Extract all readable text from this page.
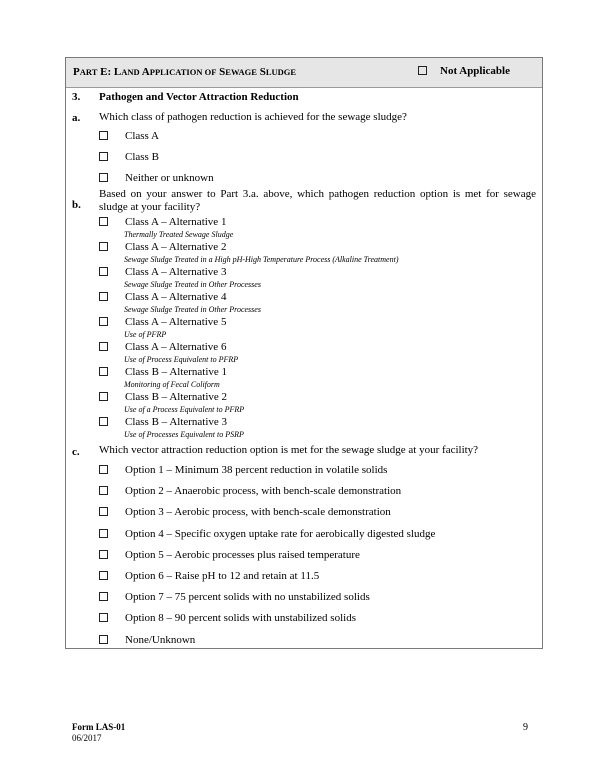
PART E: LAND APPLICATION OF SEWAGE SLUDGE	Not Applicable
3. Pathogen and Vector Attraction Reduction
a. Which class of pathogen reduction is achieved for the sewage sludge?
Class A
Class B
Neither or unknown
b.
Based on your answer to Part 3.a. above, which pathogen reduction option is met for sewage sludge at your facility?
Class A – Alternative 1
Thermally Treated Sewage Sludge
Class A – Alternative 2
Sewage Sludge Treated in a High pH-High Temperature Process (Alkaline Treatment)
Class A – Alternative 3
Sewage Sludge Treated in Other Processes
Class A – Alternative 4
Sewage Sludge Treated in Other Processes
Class A – Alternative 5
Use of PFRP
Class A – Alternative 6
Use of Process Equivalent to PFRP
Class B – Alternative 1
Monitoring of Fecal Coliform
Class B – Alternative 2
Use of a Process Equivalent to PFRP
Class B – Alternative 3
Use of Processes Equivalent to PSRP
c. Which vector attraction reduction option is met for the sewage sludge at your facility?
Option 1 – Minimum 38 percent reduction in volatile solids
Option 2 – Anaerobic process, with bench-scale demonstration
Option 3 – Aerobic process, with bench-scale demonstration
Option 4 – Specific oxygen uptake rate for aerobically digested sludge
Option 5 – Aerobic processes plus raised temperature
Option 6 – Raise pH to 12 and retain at 11.5
Option 7 – 75 percent solids with no unstabilized solids
Option 8 – 90 percent solids with unstabilized solids
None/Unknown
Form LAS-01
06/2017
9
